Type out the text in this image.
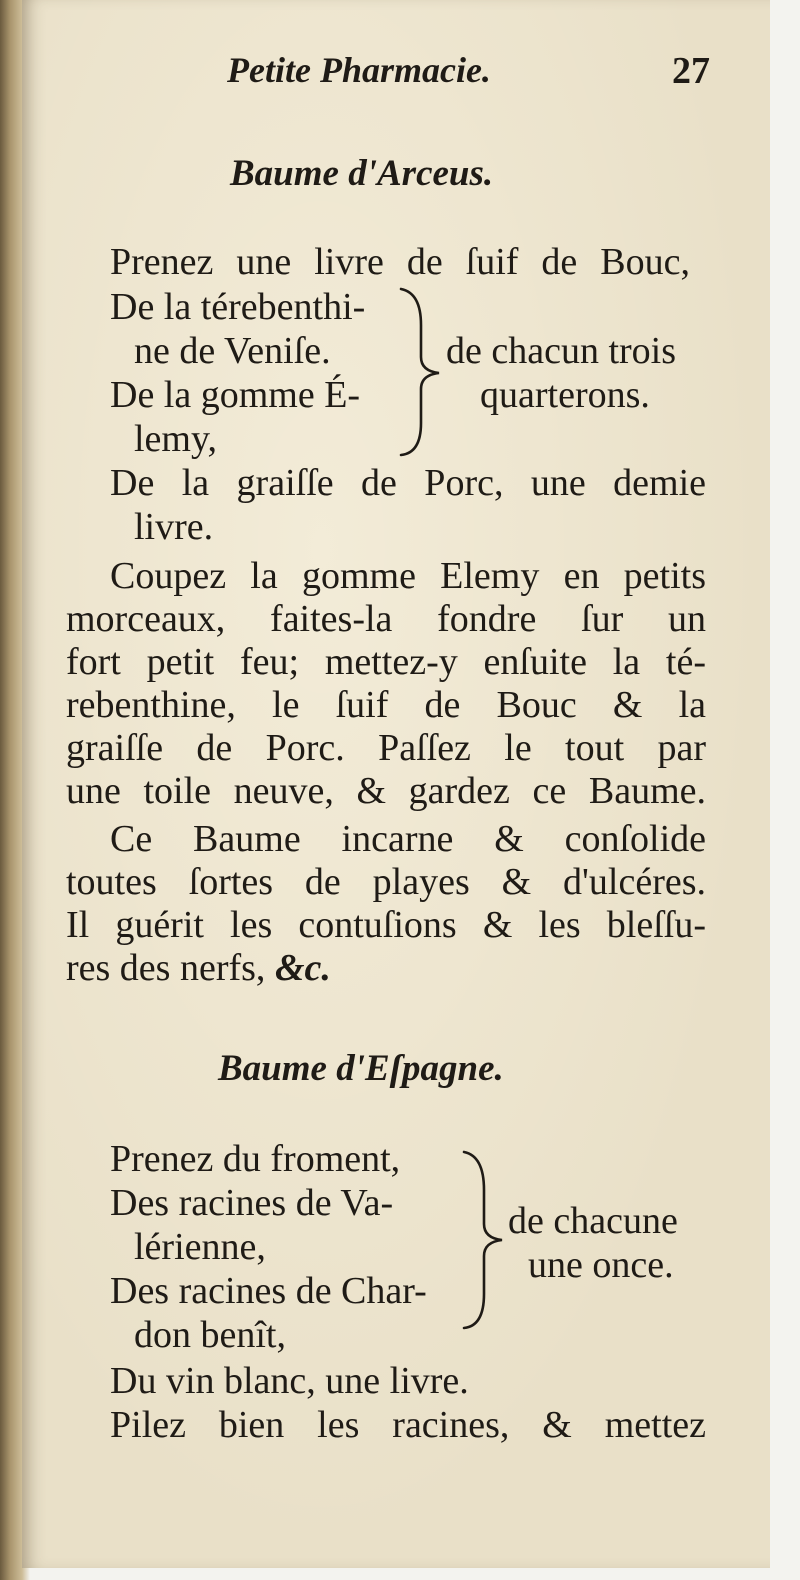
Petite Pharmacie.	27
Baume d'Arceus.
Prenez une livre de ſuif de Bouc,
De la térebenthi-
ne de Veniſe.
De la gomme É-
lemy,
de chacun trois
quarterons.
De la graiſſe de Porc, une demie
livre.
Coupez la gomme Elemy en petits
morceaux, faites-la fondre ſur un
fort petit feu; mettez-y enſuite la té-
rebenthine, le ſuif de Bouc & la
graiſſe de Porc. Paſſez le tout par
une toile neuve, & gardez ce Baume.
Ce Baume incarne & conſolide
toutes ſortes de playes & d'ulcéres.
Il guérit les contuſions & les bleſſu-
res des nerfs, &c.
Baume d'Eſpagne.
Prenez du froment,
Des racines de Va-
lérienne,
Des racines de Char-
don benît,
de chacune
une once.
Du vin blanc, une livre.
Pilez bien les racines, & mettez
